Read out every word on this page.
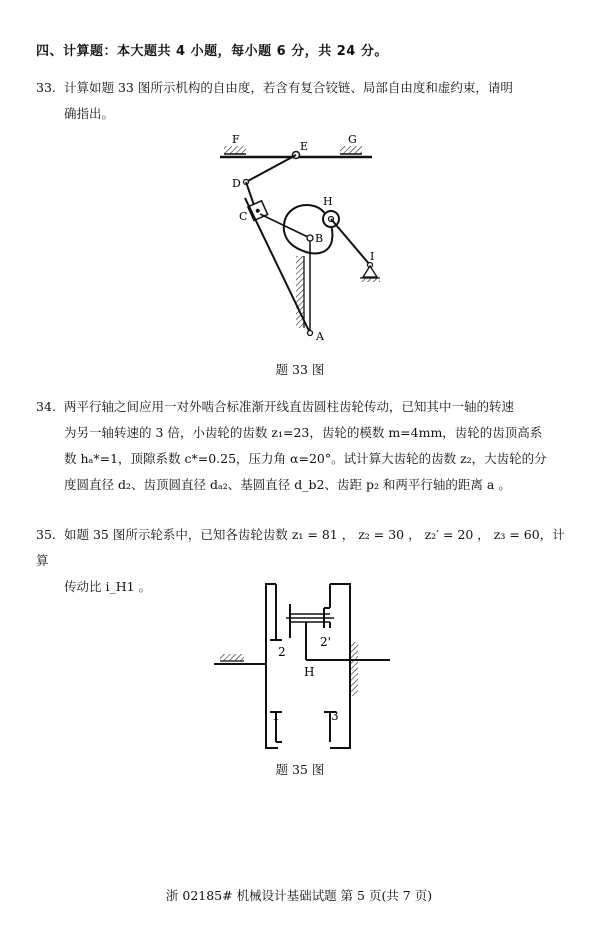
四、计算题：本大题共 4 小题，每小题 6 分，共 24 分。
33. 计算如题 33 图所示机构的自由度，若含有复合铰链、局部自由度和虚约束，请明
确指出。
F
E
G
D
C
H
B
I
A
题 33 图
34. 两平行轴之间应用一对外啮合标准渐开线直齿圆柱齿轮传动，已知其中一轴的转速
为另一轴转速的 3 倍，小齿轮的齿数 z₁=23，齿轮的模数 m=4mm，齿轮的齿顶高系
数 hₐ*=1，顶隙系数 c*=0.25，压力角 α=20°。试计算大齿轮的齿数 z₂，大齿轮的分
度圆直径 d₂、齿顶圆直径 dₐ₂、基圆直径 d_b2、齿距 p₂ 和两平行轴的距离 a 。
35. 如题 35 图所示轮系中，已知各齿轮齿数 z₁ = 81 ， z₂ = 30 ， z₂′ = 20 ， z₃ = 60，计算
传动比 i_H1 。
2
2'
H
1	3
题 35 图
浙 02185# 机械设计基础试题 第 5 页(共 7 页)
